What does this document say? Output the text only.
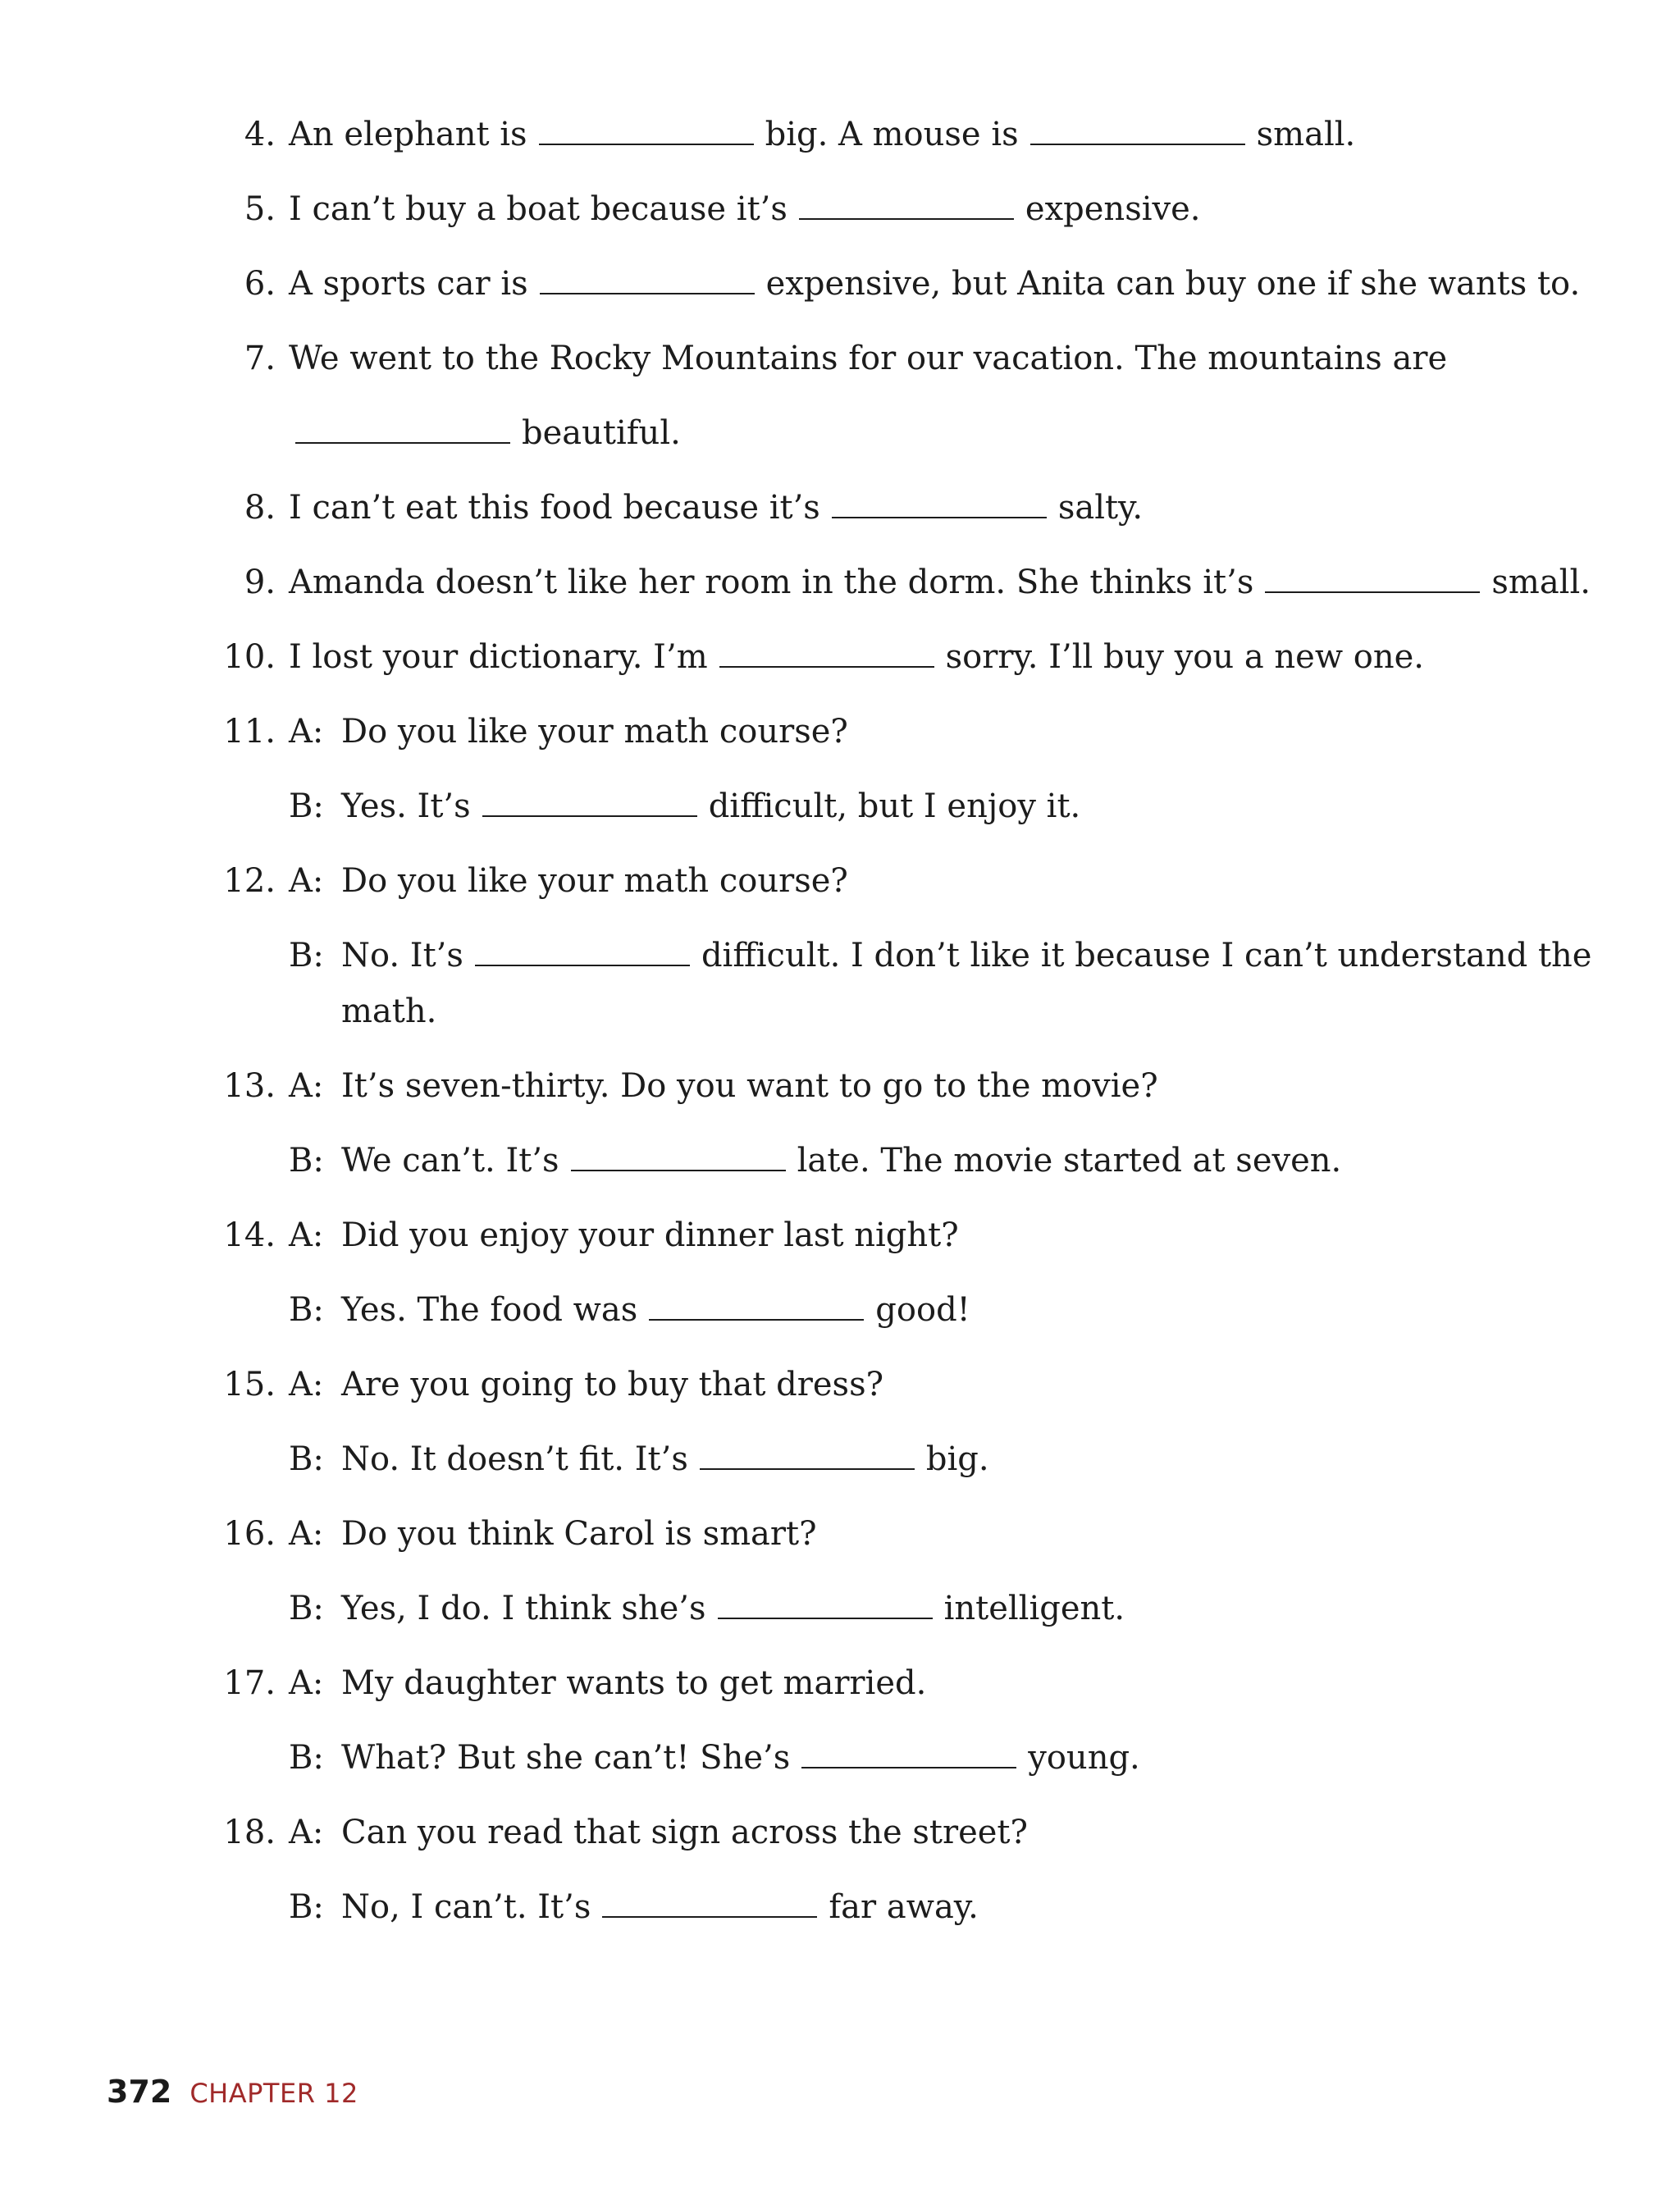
4. An elephant is	big. A mouse is	small.
5. I can’t buy a boat because it’s	expensive.
6. A sports car is	expensive, but Anita can buy one if she wants to.
7. We went to the Rocky Mountains for our vacation. The mountains are
beautiful.
8. I can’t eat this food because it’s	salty.
9. Amanda doesn’t like her room in the dorm. She thinks it’s	small.
10. I lost your dictionary. I’m	sorry. I’ll buy you a new one.
11. A: Do you like your math course?
B: Yes. It’s	difficult, but I enjoy it.
12. A: Do you like your math course?
B: No. It’s	difficult. I don’t like it because I can’t understand the
math.
13. A: It’s seven-thirty. Do you want to go to the movie?
B: We can’t. It’s	late. The movie started at seven.
14. A: Did you enjoy your dinner last night?
B: Yes. The food was	good!
15. A: Are you going to buy that dress?
B: No. It doesn’t fit. It’s	big.
16. A: Do you think Carol is smart?
B: Yes, I do. I think she’s	intelligent.
17. A: My daughter wants to get married.
B: What? But she can’t! She’s	young.
18. A: Can you read that sign across the street?
B: No, I can’t. It’s	far away.
372 CHAPTER 12
